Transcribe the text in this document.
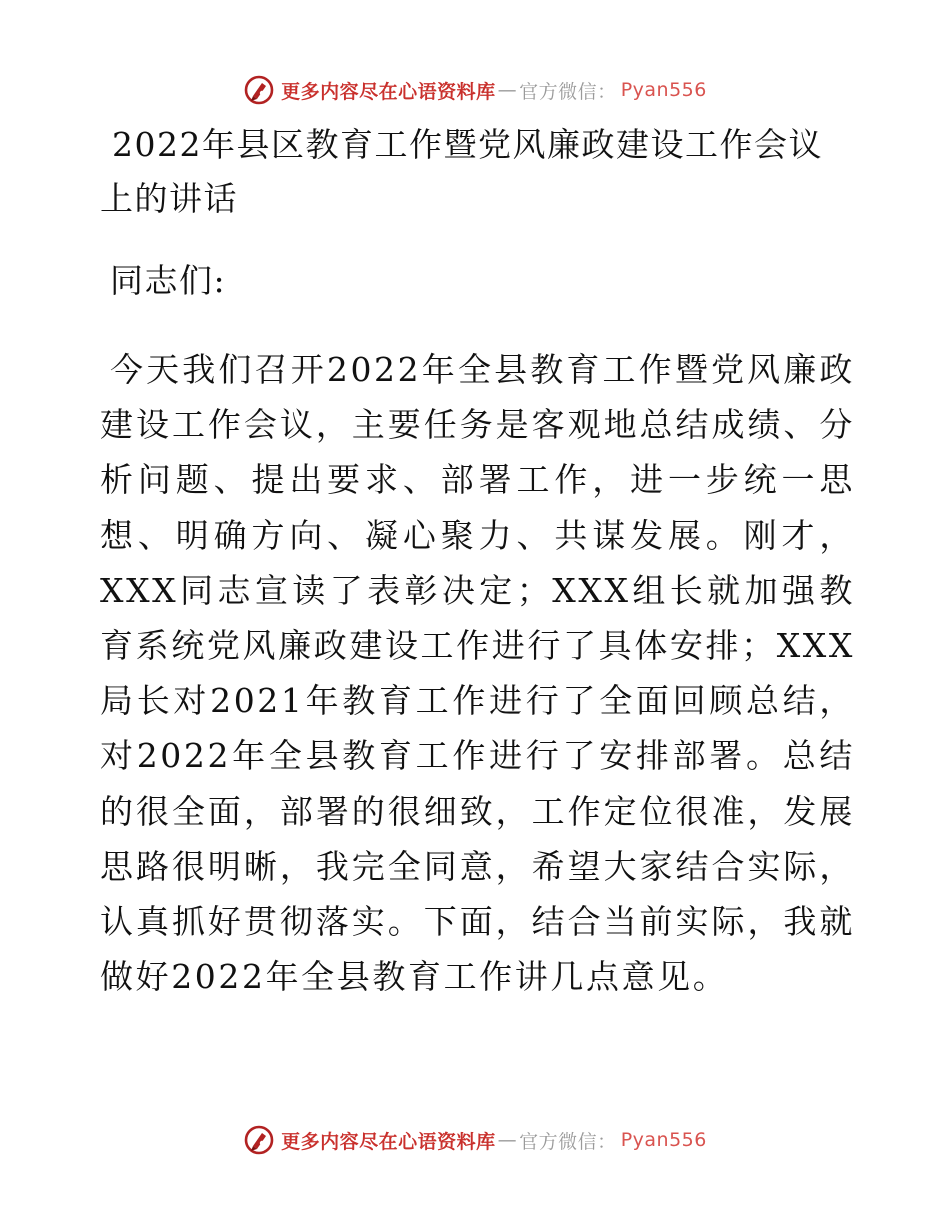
更多内容尽在心语资料库 — 官方微信： Pyan556
2022年县区教育工作暨党风廉政建设工作会议上的讲话

同志们:

今天我们召开2022年全县教育工作暨党风廉政建设工作会议，主要任务是客观地总结成绩、分析问题、提出要求、部署工作，进一步统一思想、明确方向、凝心聚力、共谋发展。刚才，XXX同志宣读了表彰决定；XXX组长就加强教育系统党风廉政建设工作进行了具体安排；XXX局长对2021年教育工作进行了全面回顾总结，对2022年全县教育工作进行了安排部署。总结的很全面，部署的很细致，工作定位很准，发展思路很明晰，我完全同意，希望大家结合实际，认真抓好贯彻落实。下面，结合当前实际，我就做好2022年全县教育工作讲几点意见。

更多内容尽在心语资料库 — 官方微信： Pyan556
